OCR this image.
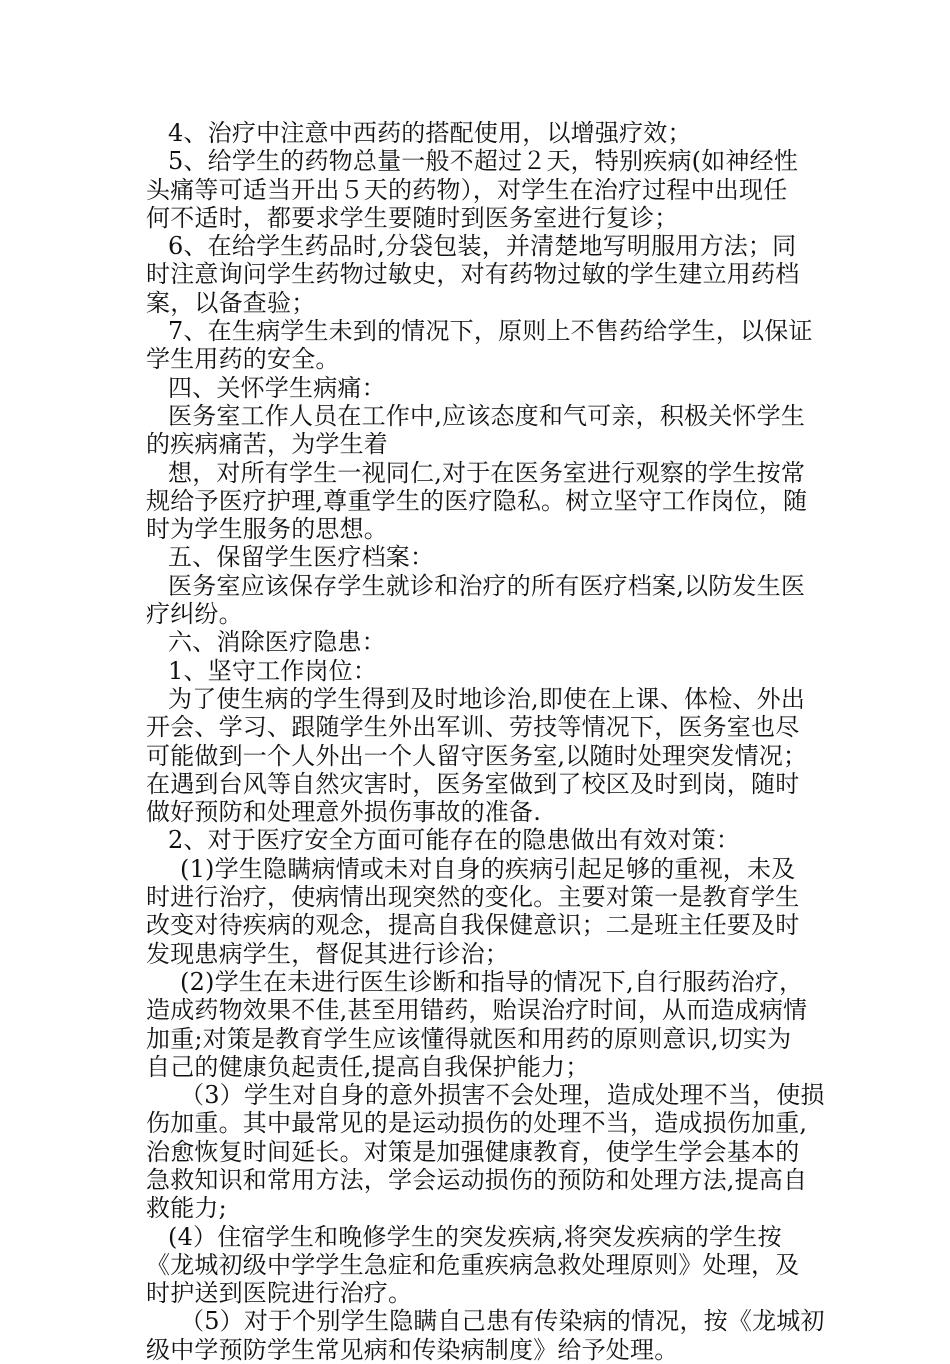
4、治疗中注意中西药的搭配使用，以增强疗效；
5、给学生的药物总量一般不超过２天，特别疾病(如神经性
头痛等可适当开出５天的药物），对学生在治疗过程中出现任
何不适时，都要求学生要随时到医务室进行复诊；
6、在给学生药品时,分袋包装，并清楚地写明服用方法；同
时注意询问学生药物过敏史，对有药物过敏的学生建立用药档
案，以备查验；
7、在生病学生未到的情况下，原则上不售药给学生，以保证
学生用药的安全。
四、关怀学生病痛：
医务室工作人员在工作中,应该态度和气可亲，积极关怀学生
的疾病痛苦，为学生着
想，对所有学生一视同仁,对于在医务室进行观察的学生按常
规给予医疗护理,尊重学生的医疗隐私。树立坚守工作岗位，随
时为学生服务的思想。
五、保留学生医疗档案：
医务室应该保存学生就诊和治疗的所有医疗档案,以防发生医
疗纠纷。
六、消除医疗隐患：
1、坚守工作岗位：
为了使生病的学生得到及时地诊治,即使在上课、体检、外出
开会、学习、跟随学生外出军训、劳技等情况下，医务室也尽
可能做到一个人外出一个人留守医务室,以随时处理突发情况；
在遇到台风等自然灾害时，医务室做到了校区及时到岗，随时
做好预防和处理意外损伤事故的准备.
2、对于医疗安全方面可能存在的隐患做出有效对策：
(1)学生隐瞒病情或未对自身的疾病引起足够的重视，未及
时进行治疗，使病情出现突然的变化。主要对策一是教育学生
改变对待疾病的观念，提高自我保健意识；二是班主任要及时
发现患病学生，督促其进行诊治；
(2)学生在未进行医生诊断和指导的情况下,自行服药治疗，
造成药物效果不佳,甚至用错药，贻误治疗时间，从而造成病情
加重;对策是教育学生应该懂得就医和用药的原则意识,切实为
自己的健康负起责任,提高自我保护能力；
（3）学生对自身的意外损害不会处理，造成处理不当，使损
伤加重。其中最常见的是运动损伤的处理不当，造成损伤加重,
治愈恢复时间延长。对策是加强健康教育，使学生学会基本的
急救知识和常用方法，学会运动损伤的预防和处理方法,提高自
救能力;
(4）住宿学生和晚修学生的突发疾病,将突发疾病的学生按
《龙城初级中学学生急症和危重疾病急救处理原则》处理，及
时护送到医院进行治疗。
（5）对于个别学生隐瞒自己患有传染病的情况，按《龙城初
级中学预防学生常见病和传染病制度》给予处理。
